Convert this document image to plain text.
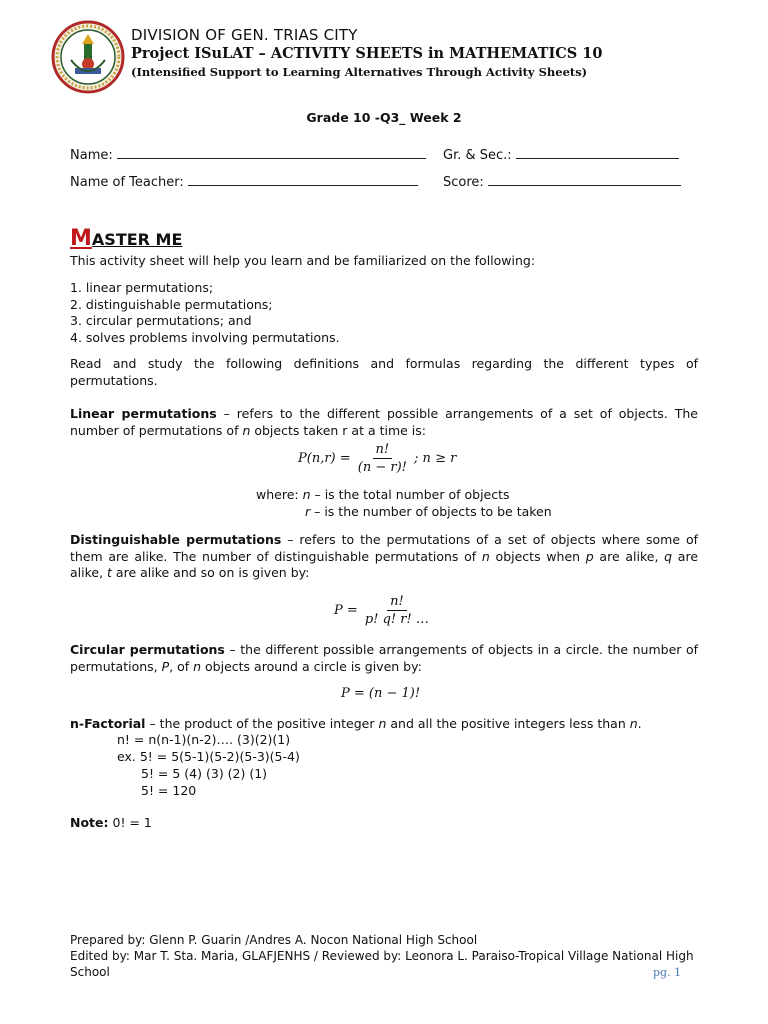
DIVISION OF GEN. TRIAS CITY
Project ISuLAT – ACTIVITY SHEETS in MATHEMATICS 10
(Intensified Support to Learning Alternatives Through Activity Sheets)
Grade 10 -Q3_ Week 2
Name:	Gr. & Sec.:
Name of Teacher:	Score:
MASTER ME
This activity sheet will help you learn and be familiarized on the following:
1. linear permutations;
2. distinguishable permutations;
3. circular permutations; and
4. solves problems involving permutations.
Read and study the following definitions and formulas regarding the different types of permutations.
Linear permutations – refers to the different possible arrangements of a set of objects. The number of permutations of n objects taken r at a time is:
$P(n,r) = \frac{n!}{(n - r)!}$ ; n ≥ r
where: n – is the total number of objects
r – is the number of objects to be taken
Distinguishable permutations – refers to the permutations of a set of objects where some of them are alike. The number of distinguishable permutations of n objects when p are alike, q are alike, t are alike and so on is given by:
$P = \frac{n!}{p! q! r! \dots}$
Circular permutations – the different possible arrangements of objects in a circle. the number of permutations, P, of n objects around a circle is given by:
P = (n − 1)!
n-Factorial – the product of the positive integer n and all the positive integers less than n.
n! = n(n-1)(n-2)…. (3)(2)(1)
ex. 5! = 5(5-1)(5-2)(5-3)(5-4)
5! = 5 (4) (3) (2) (1)
5! = 120
Note: 0! = 1
Prepared by: Glenn P. Guarin /Andres A. Nocon National High School
Edited by: Mar T. Sta. Maria, GLAFJENHS / Reviewed by: Leonora L. Paraiso-Tropical Village National High
School	pg. 1
